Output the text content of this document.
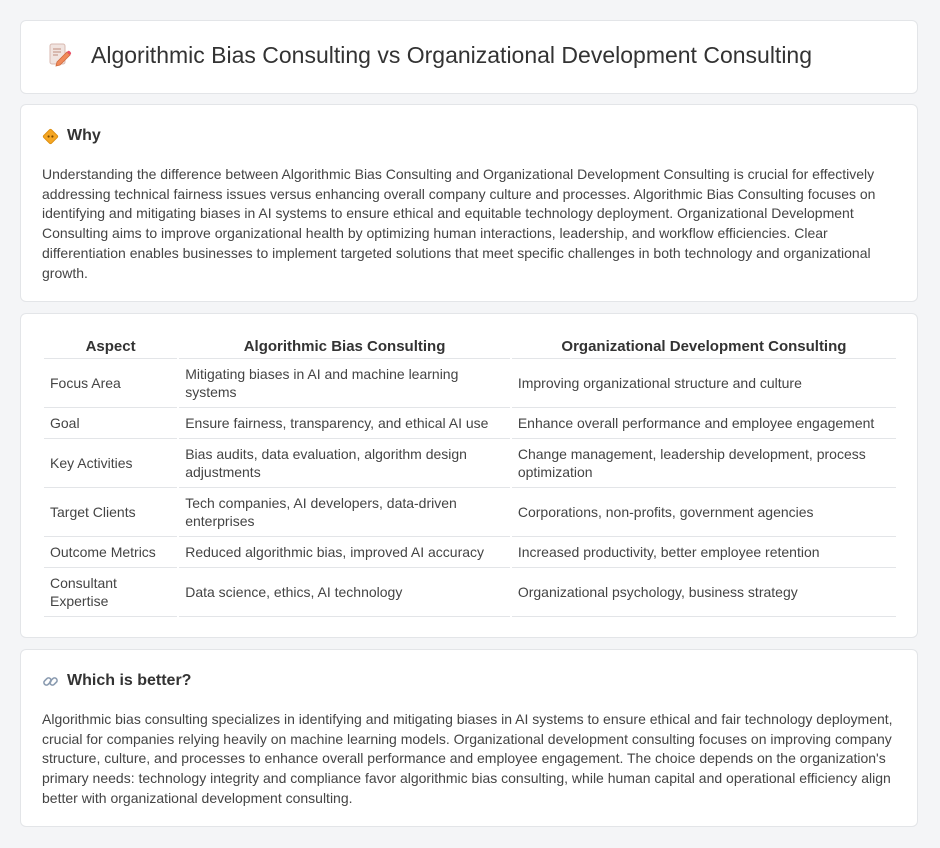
Algorithmic Bias Consulting vs Organizational Development Consulting
Why

Understanding the difference between Algorithmic Bias Consulting and Organizational Development Consulting is crucial for effectively addressing technical fairness issues versus enhancing overall company culture and processes. Algorithmic Bias Consulting focuses on identifying and mitigating biases in AI systems to ensure ethical and equitable technology deployment. Organizational Development Consulting aims to improve organizational health by optimizing human interactions, leadership, and workflow efficiencies. Clear differentiation enables businesses to implement targeted solutions that meet specific challenges in both technology and organizational growth.

Aspect	Algorithmic Bias Consulting	Organizational Development Consulting
Focus Area	Mitigating biases in AI and machine learning systems	Improving organizational structure and culture
Goal	Ensure fairness, transparency, and ethical AI use	Enhance overall performance and employee engagement
Key Activities	Bias audits, data evaluation, algorithm design adjustments	Change management, leadership development, process optimization
Target Clients	Tech companies, AI developers, data-driven enterprises	Corporations, non-profits, government agencies
Outcome Metrics	Reduced algorithmic bias, improved AI accuracy	Increased productivity, better employee retention
Consultant Expertise	Data science, ethics, AI technology	Organizational psychology, business strategy
Which is better?

Algorithmic bias consulting specializes in identifying and mitigating biases in AI systems to ensure ethical and fair technology deployment, crucial for companies relying heavily on machine learning models. Organizational development consulting focuses on improving company structure, culture, and processes to enhance overall performance and employee engagement. The choice depends on the organization's primary needs: technology integrity and compliance favor algorithmic bias consulting, while human capital and operational efficiency align better with organizational development consulting.
